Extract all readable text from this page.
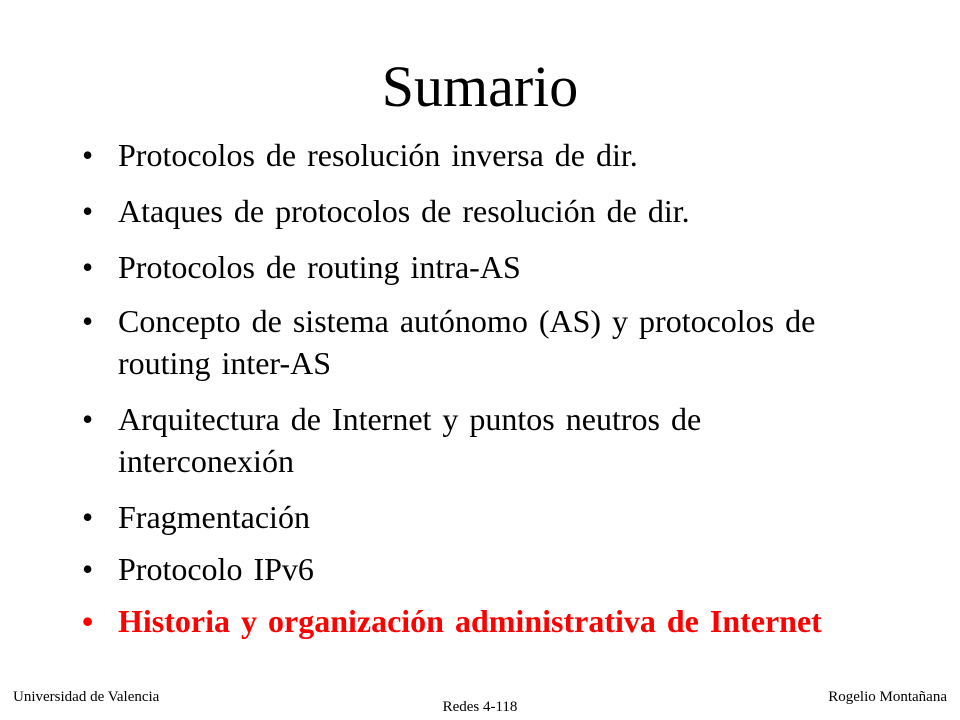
Sumario
• Protocolos de resolución inversa de dir.
• Ataques de protocolos de resolución de dir.
• Protocolos de routing intra-AS
• Concepto de sistema autónomo (AS) y protocolos de routing inter-AS
• Arquitectura de Internet y puntos neutros de interconexión
• Fragmentación
• Protocolo IPv6
• Historia y organización administrativa de Internet
Universidad de Valencia
Redes 4-118
Rogelio Montañana
